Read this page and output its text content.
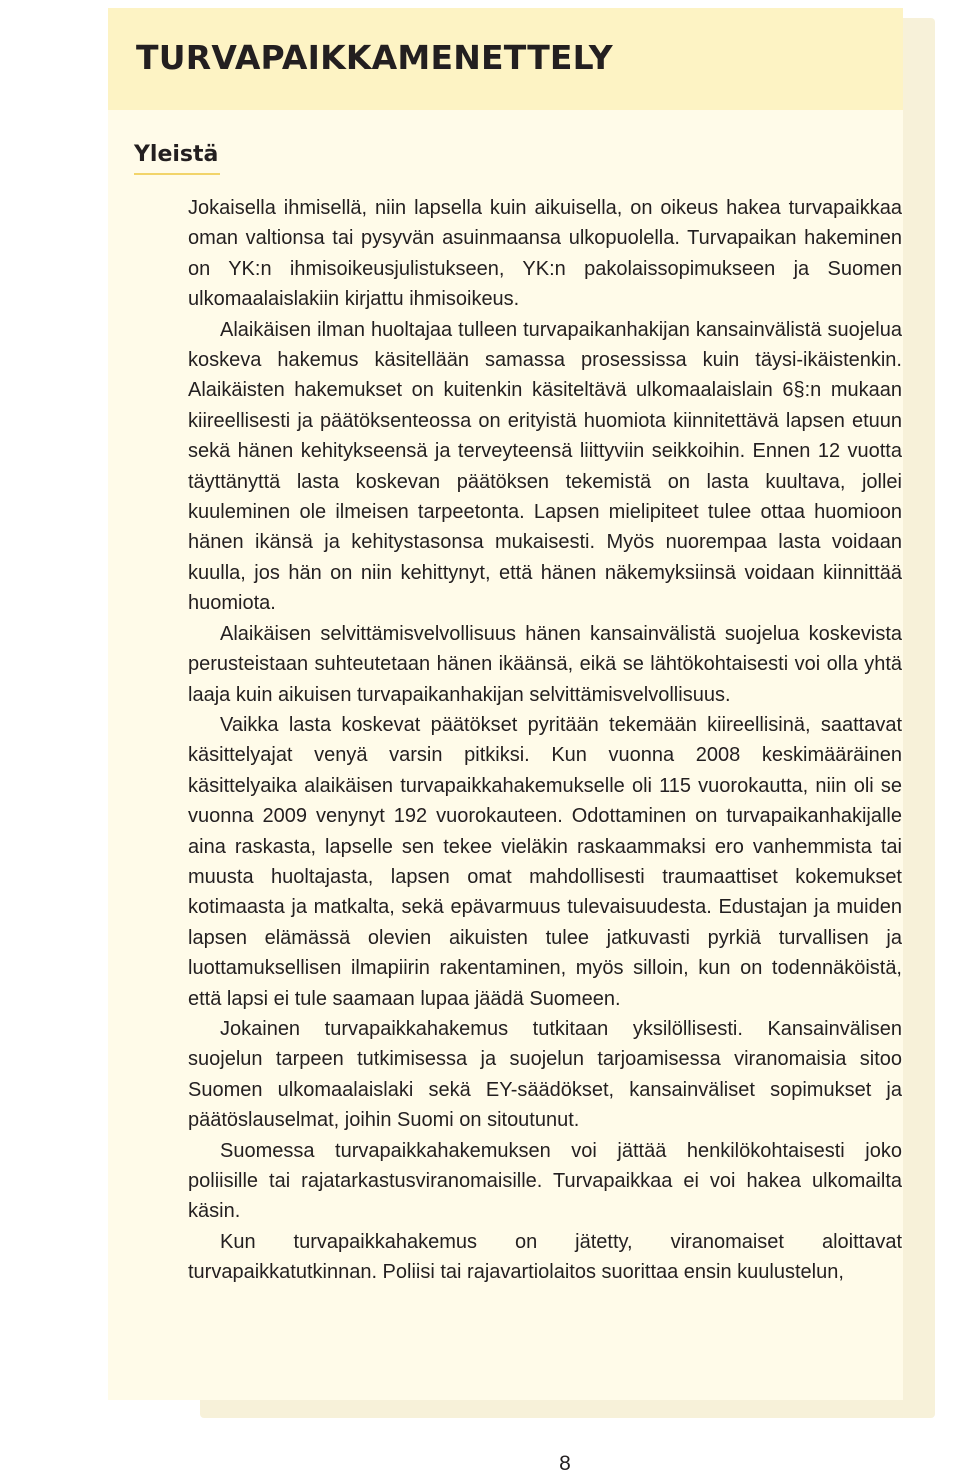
TURVAPAIKKAMENETTELY
Yleistä

Jokaisella ihmisellä, niin lapsella kuin aikuisella, on oikeus hakea turvapaikkaa oman valtionsa tai pysyvän asuinmaansa ulkopuolella. Turvapaikan hakeminen on YK:n ihmisoikeusjulistukseen, YK:n pakolaissopimukseen ja Suomen ulkomaalaislakiin kirjattu ihmisoikeus.

Alaikäisen ilman huoltajaa tulleen turvapaikanhakijan kansainvälistä suojelua koskeva hakemus käsitellään samassa prosessissa kuin täysi-ikäistenkin. Alaikäisten hakemukset on kuitenkin käsiteltävä ulkomaalaislain 6§:n mukaan kiireellisesti ja päätöksenteossa on erityistä huomiota kiinnitettävä lapsen etuun sekä hänen kehitykseensä ja terveyteensä liittyviin seikkoihin. Ennen 12 vuotta täyttänyttä lasta koskevan päätöksen tekemistä on lasta kuultava, jollei kuuleminen ole ilmeisen tarpeetonta. Lapsen mielipiteet tulee ottaa huomioon hänen ikänsä ja kehitystasonsa mukaisesti. Myös nuorempaa lasta voidaan kuulla, jos hän on niin kehittynyt, että hänen näkemyksiinsä voidaan kiinnittää huomiota.

Alaikäisen selvittämisvelvollisuus hänen kansainvälistä suojelua koskevista perusteistaan suhteutetaan hänen ikäänsä, eikä se lähtökohtaisesti voi olla yhtä laaja kuin aikuisen turvapaikanhakijan selvittämisvelvollisuus.

Vaikka lasta koskevat päätökset pyritään tekemään kiireellisinä, saattavat käsittelyajat venyä varsin pitkiksi. Kun vuonna 2008 keskimääräinen käsittelyaika alaikäisen turvapaikkahakemukselle oli 115 vuorokautta, niin oli se vuonna 2009 venynyt 192 vuorokauteen. Odottaminen on turvapaikanhakijalle aina raskasta, lapselle sen tekee vieläkin raskaammaksi ero vanhemmista tai muusta huoltajasta, lapsen omat mahdollisesti traumaattiset kokemukset kotimaasta ja matkalta, sekä epävarmuus tulevaisuudesta. Edustajan ja muiden lapsen elämässä olevien aikuisten tulee jatkuvasti pyrkiä turvallisen ja luottamuksellisen ilmapiirin rakentaminen, myös silloin, kun on todennäköistä, että lapsi ei tule saamaan lupaa jäädä Suomeen.

Jokainen turvapaikkahakemus tutkitaan yksilöllisesti. Kansainvälisen suojelun tarpeen tutkimisessa ja suojelun tarjoamisessa viranomaisia sitoo Suomen ulkomaalaislaki sekä EY-säädökset, kansainväliset sopimukset ja päätöslauselmat, joihin Suomi on sitoutunut.

Suomessa turvapaikkahakemuksen voi jättää henkilökohtaisesti joko poliisille tai rajatarkastusviranomaisille. Turvapaikkaa ei voi hakea ulkomailta käsin.

Kun turvapaikkahakemus on jätetty, viranomaiset aloittavat turvapaikkatutkinnan. Poliisi tai rajavartiolaitos suorittaa ensin kuulustelun,

8
